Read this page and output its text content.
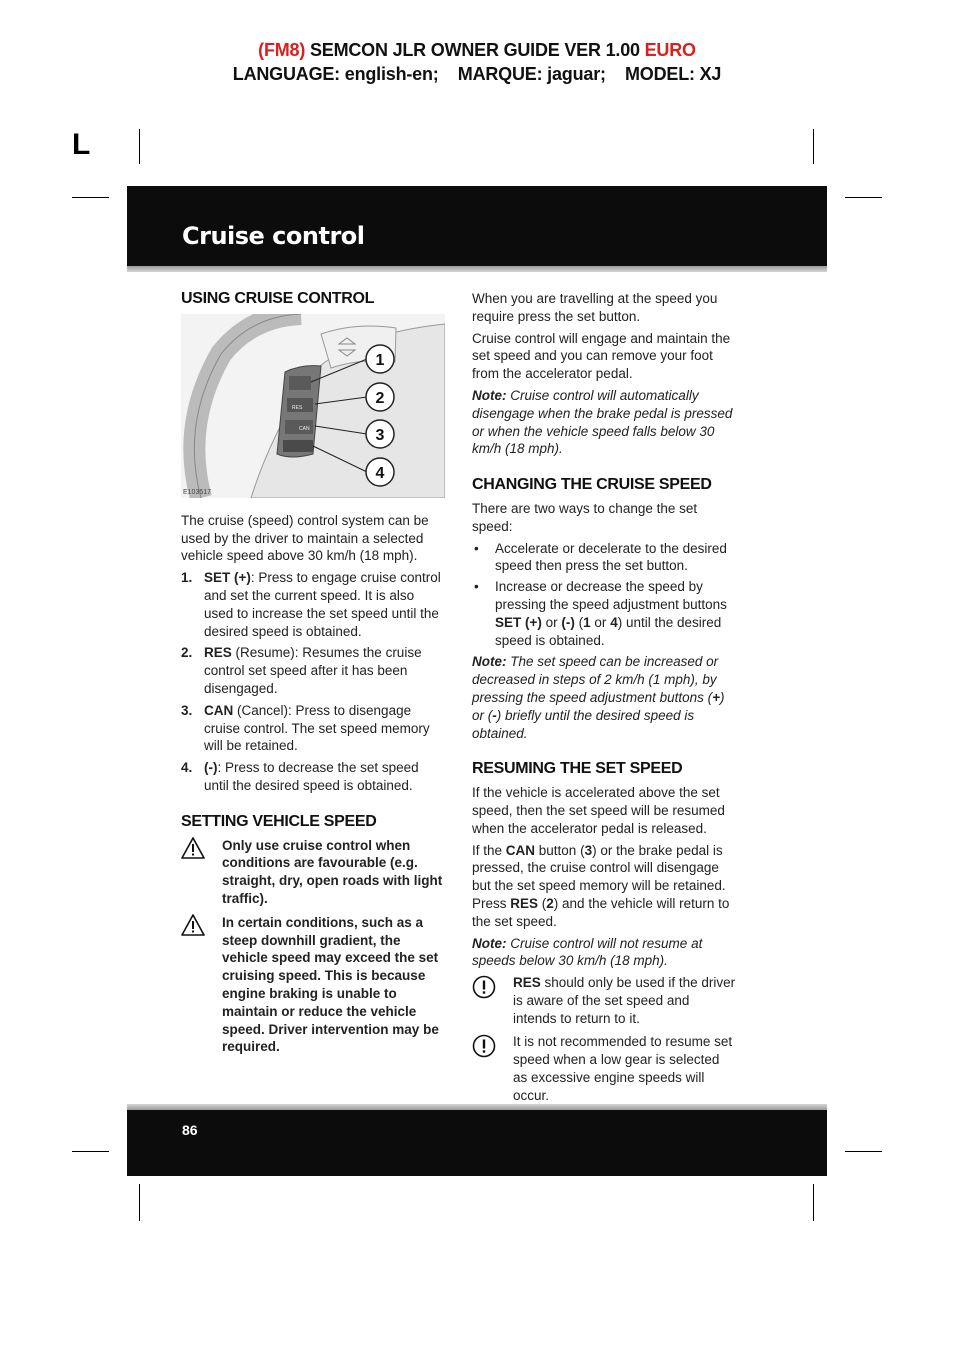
(FM8) SEMCON JLR OWNER GUIDE VER 1.00 EURO
LANGUAGE: english-en;    MARQUE: jaguar;    MODEL: XJ
L
Cruise control
USING CRUISE CONTROL
RES
CAN
1
2
3
4
E103517

The cruise (speed) control system can be used by the driver to maintain a selected vehicle speed above 30 km/h (18 mph).

1. SET (+): Press to engage cruise control and set the current speed. It is also used to increase the set speed until the desired speed is obtained.
2. RES (Resume): Resumes the cruise control set speed after it has been disengaged.
3. CAN (Cancel): Press to disengage cruise control. The set speed memory will be retained.
4. (-): Press to decrease the set speed until the desired speed is obtained.
SETTING VEHICLE SPEED
Only use cruise control when conditions are favourable (e.g. straight, dry, open roads with light traffic).
In certain conditions, such as a steep downhill gradient, the vehicle speed may exceed the set cruising speed. This is because engine braking is unable to maintain or reduce the vehicle speed. Driver intervention may be required.

When you are travelling at the speed you require press the set button.

Cruise control will engage and maintain the set speed and you can remove your foot from the accelerator pedal.

Note: Cruise control will automatically disengage when the brake pedal is pressed or when the vehicle speed falls below 30 km/h (18 mph).

CHANGING THE CRUISE SPEED

There are two ways to change the set speed:

• Accelerate or decelerate to the desired speed then press the set button.
• Increase or decrease the speed by pressing the speed adjustment buttons SET (+) or (-) (1 or 4) until the desired speed is obtained.

Note: The set speed can be increased or decreased in steps of 2 km/h (1 mph), by pressing the speed adjustment buttons (+) or (-) briefly until the desired speed is obtained.

RESUMING THE SET SPEED

If the vehicle is accelerated above the set speed, then the set speed will be resumed when the accelerator pedal is released.

If the CAN button (3) or the brake pedal is pressed, the cruise control will disengage but the set speed memory will be retained. Press RES (2) and the vehicle will return to the set speed.

Note: Cruise control will not resume at speeds below 30 km/h (18 mph).

RES should only be used if the driver is aware of the set speed and intends to return to it.
It is not recommended to resume set speed when a low gear is selected as excessive engine speeds will occur.
86
